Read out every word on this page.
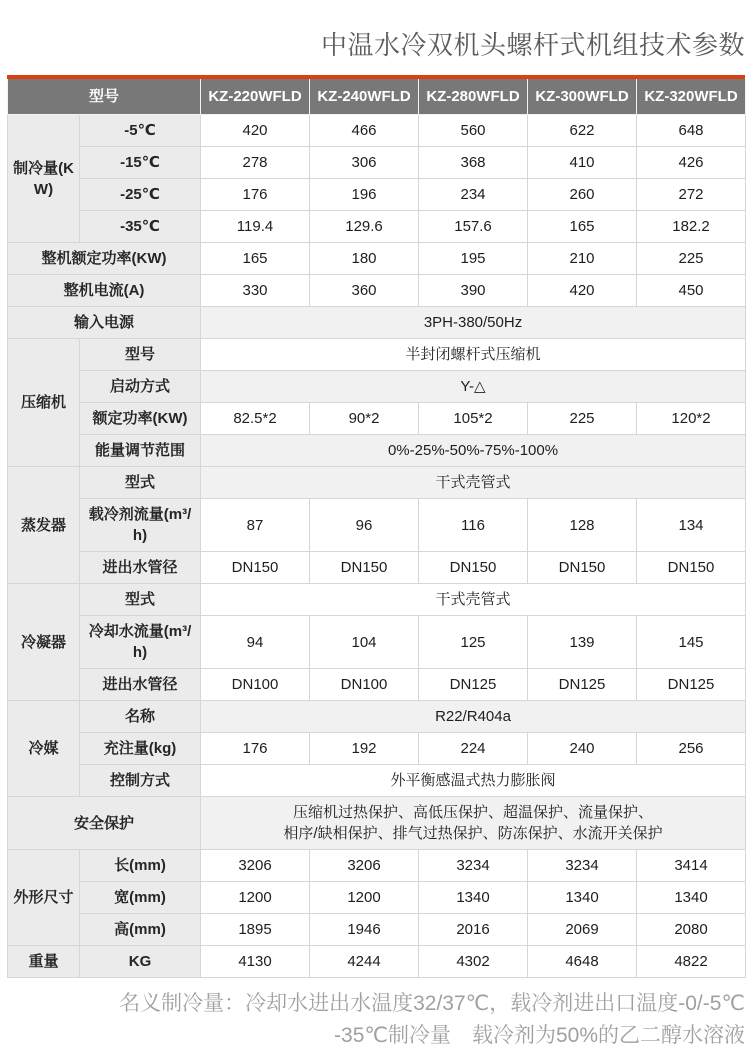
中温水冷双机头螺杆式机组技术参数
型号		KZ-220WFLD	KZ-240WFLD	KZ-280WFLD	KZ-300WFLD	KZ-320WFLD
制冷量(KW)	-5℃	420	466	560	622	648
	-15℃	278	306	368	410	426
	-25℃	176	196	234	260	272
	-35℃	119.4	129.6	157.6	165	182.2
整机额定功率(KW)		165	180	195	210	225
整机电流(A)		330	360	390	420	450
输入电源		3PH-380/50Hz				
压缩机	型号	半封闭螺杆式压缩机				
	启动方式	Y-△				
	额定功率(KW)	82.5*2	90*2	105*2	225	120*2
	能量调节范围	0%-25%-50%-75%-100%				
蒸发器	型式	干式壳管式				
	载冷剂流量(m³/h)	87	96	116	128	134
	进出水管径	DN150	DN150	DN150	DN150	DN150
冷凝器	型式	干式壳管式				
	冷却水流量(m³/h)	94	104	125	139	145
	进出水管径	DN100	DN100	DN125	DN125	DN125
冷媒	名称	R22/R404a				
	充注量(kg)	176	192	224	240	256
	控制方式	外平衡感温式热力膨胀阀				
安全保护		压缩机过热保护、高低压保护、超温保护、流量保护、
相序/缺相保护、排气过热保护、防冻保护、水流开关保护				

外形尺寸	长(mm)	3206	3206	3234	3234	3414
	宽(mm)	1200	1200	1340	1340	1340
	高(mm)	1895	1946	2016	2069	2080
重量	KG	4130	4244	4302	4648	4822
名义制冷量：冷却水进出水温度32/37℃，载冷剂进出口温度-0/-5℃
-35℃制冷量　载冷剂为50%的乙二醇水溶液
